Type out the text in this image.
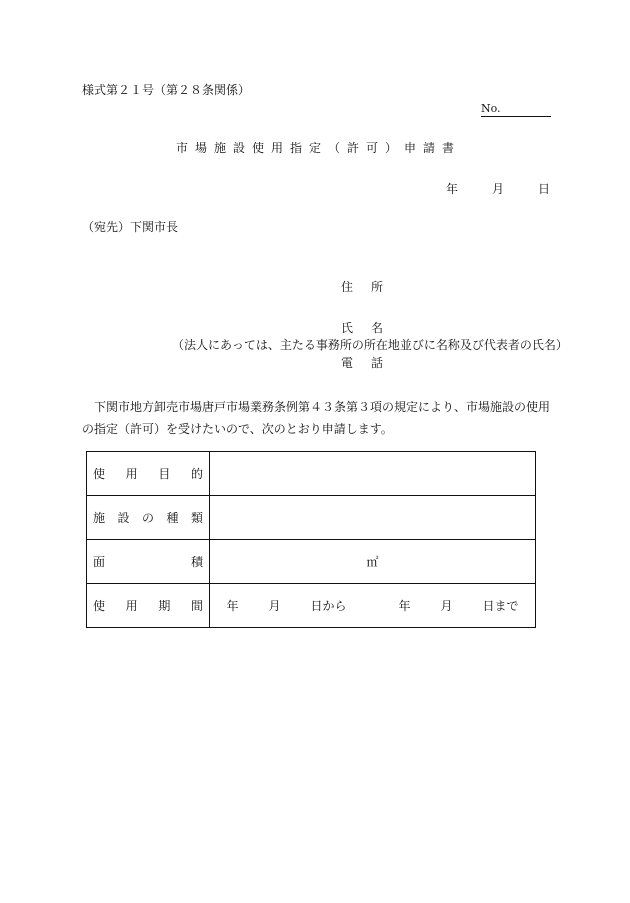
様式第２１号（第２８条関係）
No.
市場施設使用指定（許可）申請書
年	月	日
（宛先）下関市長
住所
氏名
（法人にあっては、主たる事務所の所在地並びに名称及び代表者の氏名）
電話
下関市地方卸売市場唐戸市場業務条例第４３条第３項の規定により、市場施設の使用の指定（許可）を受けたいので、次のとおり申請します。
使 用 目 的	

施 設 の 種 類	

面 積	㎡

使 用 期 間	年 月 日から 年 月 日まで
